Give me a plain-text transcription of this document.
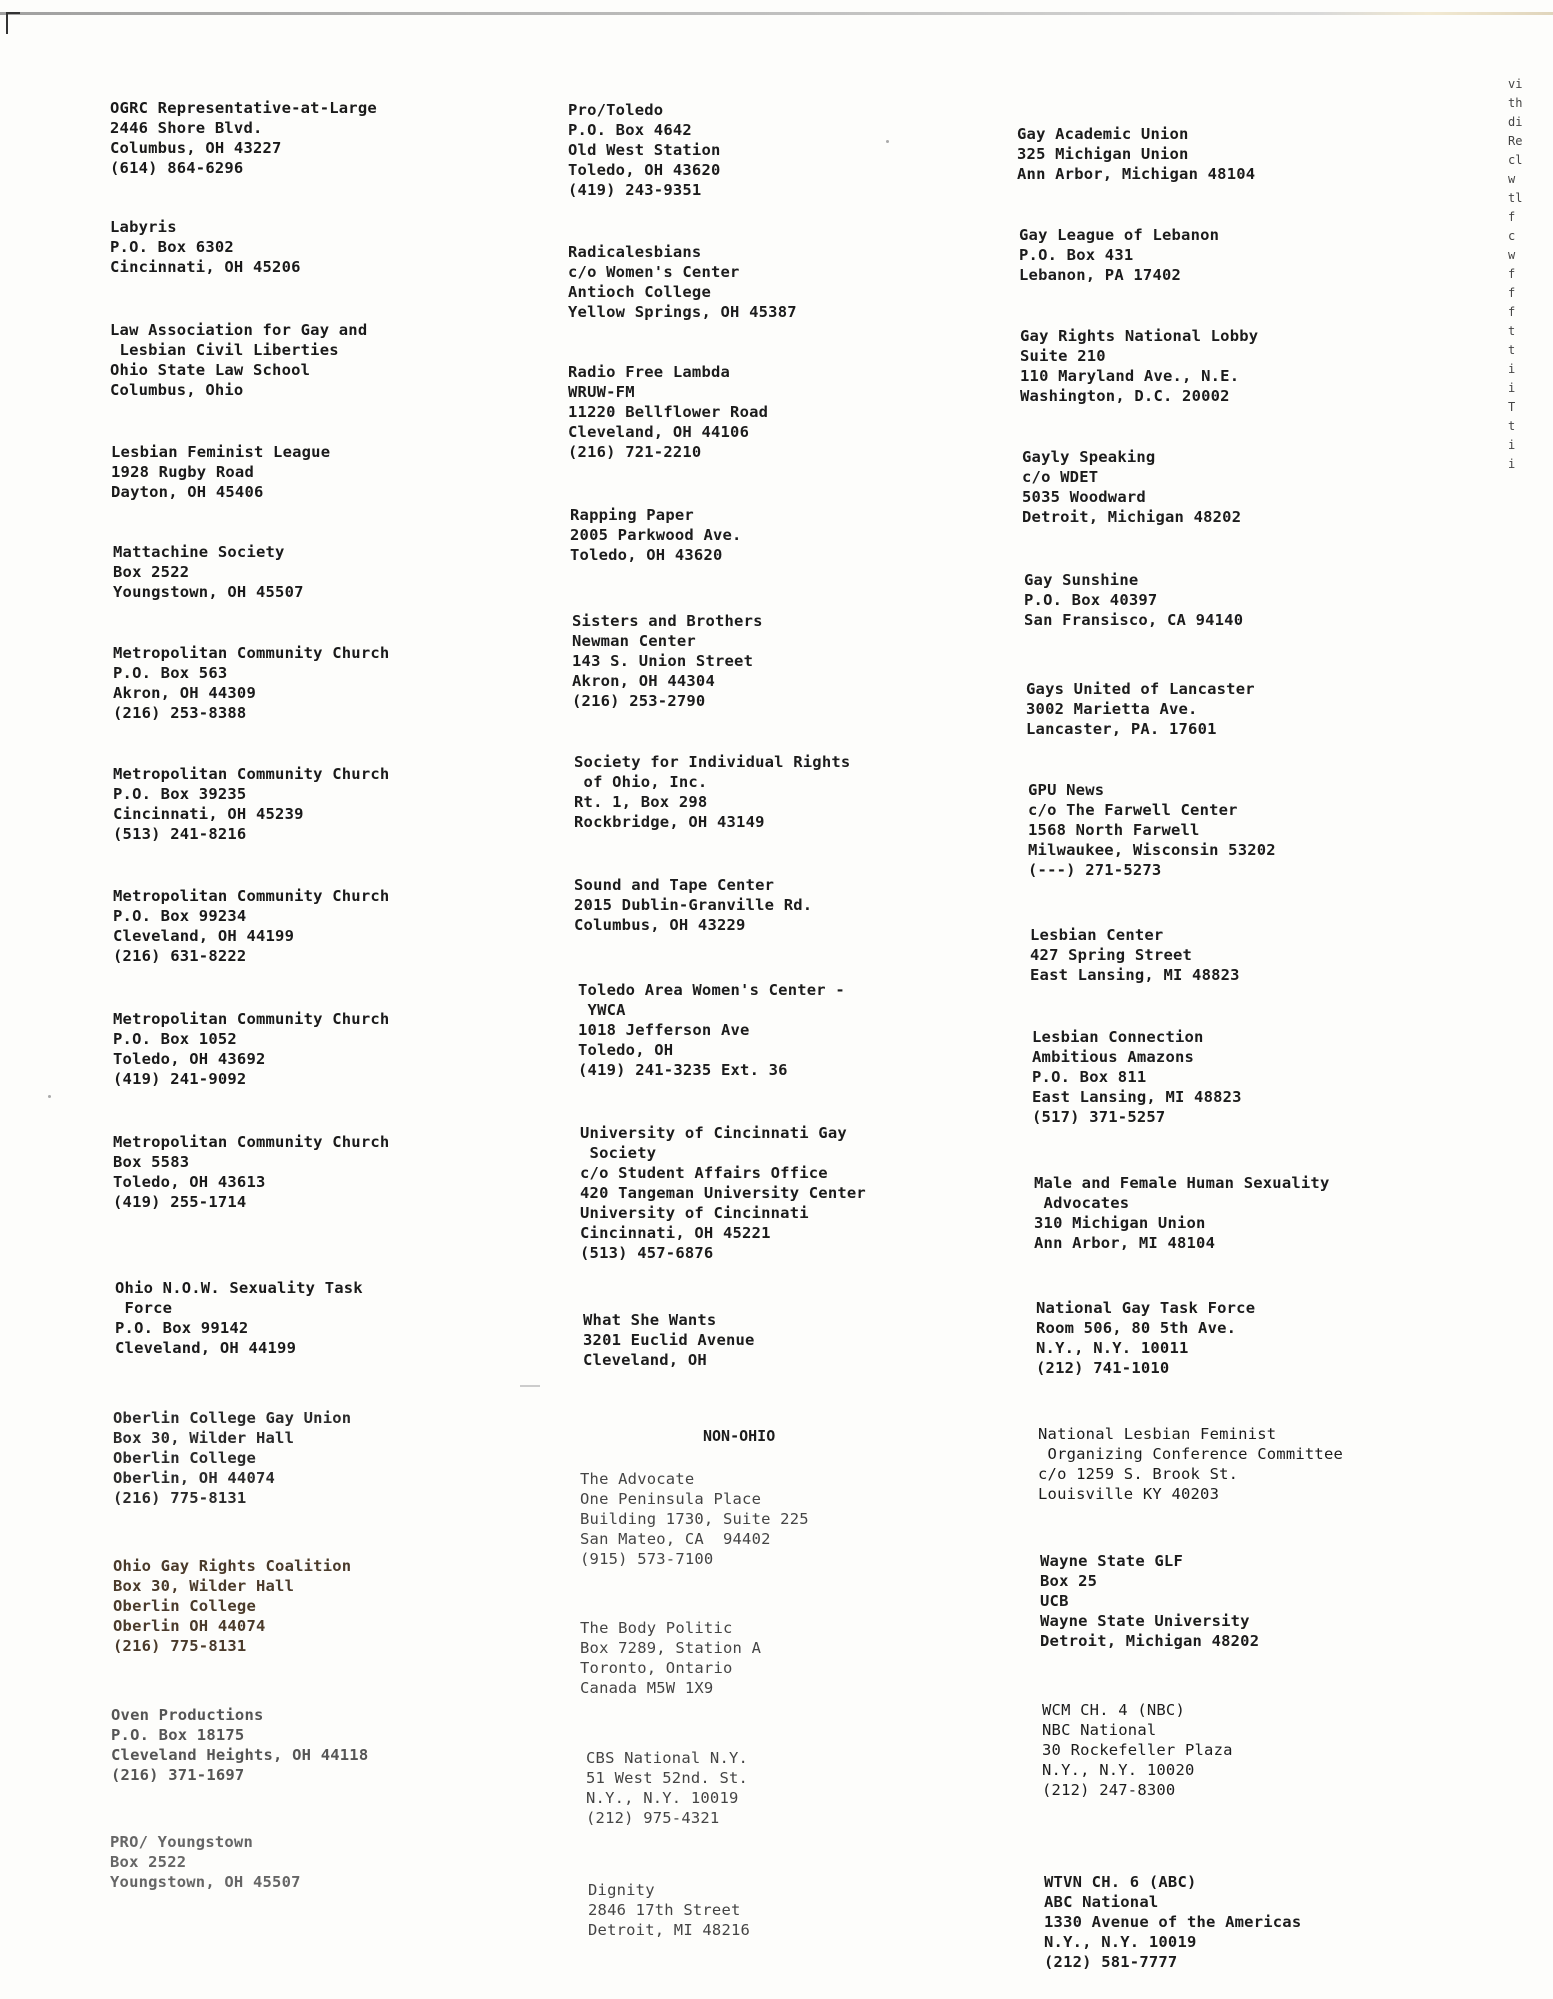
OGRC Representative-at-Large
2446 Shore Blvd.
Columbus, OH 43227
(614) 864-6296
Labyris
P.O. Box 6302
Cincinnati, OH 45206
Law Association for Gay and
Lesbian Civil Liberties
Ohio State Law School
Columbus, Ohio
Lesbian Feminist League
1928 Rugby Road
Dayton, OH 45406
Mattachine Society
Box 2522
Youngstown, OH 45507
Metropolitan Community Church
P.O. Box 563
Akron, OH 44309
(216) 253-8388
Metropolitan Community Church
P.O. Box 39235
Cincinnati, OH 45239
(513) 241-8216
Metropolitan Community Church
P.O. Box 99234
Cleveland, OH 44199
(216) 631-8222
Metropolitan Community Church
P.O. Box 1052
Toledo, OH 43692
(419) 241-9092
Metropolitan Community Church
Box 5583
Toledo, OH 43613
(419) 255-1714
Ohio N.O.W. Sexuality Task
Force
P.O. Box 99142
Cleveland, OH 44199
Oberlin College Gay Union
Box 30, Wilder Hall
Oberlin College
Oberlin, OH 44074
(216) 775-8131
Ohio Gay Rights Coalition
Box 30, Wilder Hall
Oberlin College
Oberlin OH 44074
(216) 775-8131
Oven Productions
P.O. Box 18175
Cleveland Heights, OH 44118
(216) 371-1697
PRO/ Youngstown
Box 2522
Youngstown, OH 45507
Pro/Toledo
P.O. Box 4642
Old West Station
Toledo, OH 43620
(419) 243-9351
Radicalesbians
c/o Women's Center
Antioch College
Yellow Springs, OH 45387
Radio Free Lambda
WRUW-FM
11220 Bellflower Road
Cleveland, OH 44106
(216) 721-2210
Rapping Paper
2005 Parkwood Ave.
Toledo, OH 43620
Sisters and Brothers
Newman Center
143 S. Union Street
Akron, OH 44304
(216) 253-2790
Society for Individual Rights
of Ohio, Inc.
Rt. 1, Box 298
Rockbridge, OH 43149
Sound and Tape Center
2015 Dublin-Granville Rd.
Columbus, OH 43229
Toledo Area Women's Center -
YWCA
1018 Jefferson Ave
Toledo, OH
(419) 241-3235 Ext. 36
University of Cincinnati Gay
Society
c/o Student Affairs Office
420 Tangeman University Center
University of Cincinnati
Cincinnati, OH 45221
(513) 457-6876
What She Wants
3201 Euclid Avenue
Cleveland, OH
The Advocate
One Peninsula Place
Building 1730, Suite 225
San Mateo, CA  94402
(915) 573-7100
The Body Politic
Box 7289, Station A
Toronto, Ontario
Canada M5W 1X9
CBS National N.Y.
51 West 52nd. St.
N.Y., N.Y. 10019
(212) 975-4321
Dignity
2846 17th Street
Detroit, MI 48216
Gay Academic Union
325 Michigan Union
Ann Arbor, Michigan 48104
Gay League of Lebanon
P.O. Box 431
Lebanon, PA 17402
Gay Rights National Lobby
Suite 210
110 Maryland Ave., N.E.
Washington, D.C. 20002
Gayly Speaking
c/o WDET
5035 Woodward
Detroit, Michigan 48202
Gay Sunshine
P.O. Box 40397
San Fransisco, CA 94140
Gays United of Lancaster
3002 Marietta Ave.
Lancaster, PA. 17601
GPU News
c/o The Farwell Center
1568 North Farwell
Milwaukee, Wisconsin 53202
(---) 271-5273
Lesbian Center
427 Spring Street
East Lansing, MI 48823
Lesbian Connection
Ambitious Amazons
P.O. Box 811
East Lansing, MI 48823
(517) 371-5257
Male and Female Human Sexuality
Advocates
310 Michigan Union
Ann Arbor, MI 48104
National Gay Task Force
Room 506, 80 5th Ave.
N.Y., N.Y. 10011
(212) 741-1010
National Lesbian Feminist
Organizing Conference Committee
c/o 1259 S. Brook St.
Louisville KY 40203
Wayne State GLF
Box 25
UCB
Wayne State University
Detroit, Michigan 48202
WCM CH. 4 (NBC)
NBC National
30 Rockefeller Plaza
N.Y., N.Y. 10020
(212) 247-8300
WTVN CH. 6 (ABC)
ABC National
1330 Avenue of the Americas
N.Y., N.Y. 10019
(212) 581-7777
NON-OHIO
vi
th
di
Re
cl
w
tl
f
c
w
f
f
f
t
t
i
i
T
t
i
i
